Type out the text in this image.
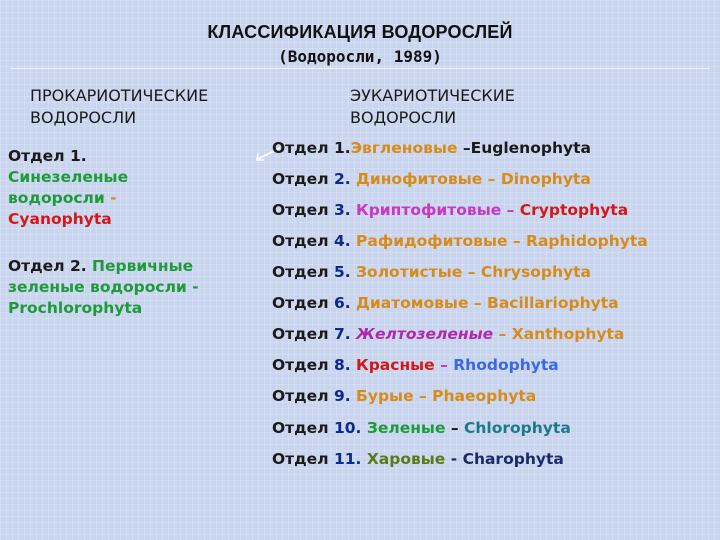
КЛАССИФИКАЦИЯ ВОДОРОСЛЕЙ
(Водоросли, 1989)
ПРОКАРИОТИЧЕСКИЕ
ВОДОРОСЛИ
Отдел 1.
Синезеленые
водоросли -
Cyanophyta
Отдел 2. Первичные
зеленые водоросли -
Prochlorophyta
ЭУКАРИОТИЧЕСКИЕ
ВОДОРОСЛИ
Отдел 1.Эвгленовые –Euglenophyta
Отдел 2. Динофитовые – Dinophyta
Отдел 3. Криптофитовые – Cryptophyta
Отдел 4. Рафидофитовые – Raphidophyta
Отдел 5. Золотистые – Chrysophyta
Отдел 6. Диатомовые – Bacillariophyta
Отдел 7. Желтозеленые – Xanthophyta
Отдел 8. Красные – Rhodophyta
Отдел 9. Бурые – Phaeophyta
Отдел 10. Зеленые – Chlorophyta
Отдел 11. Харовые - Charophyta
